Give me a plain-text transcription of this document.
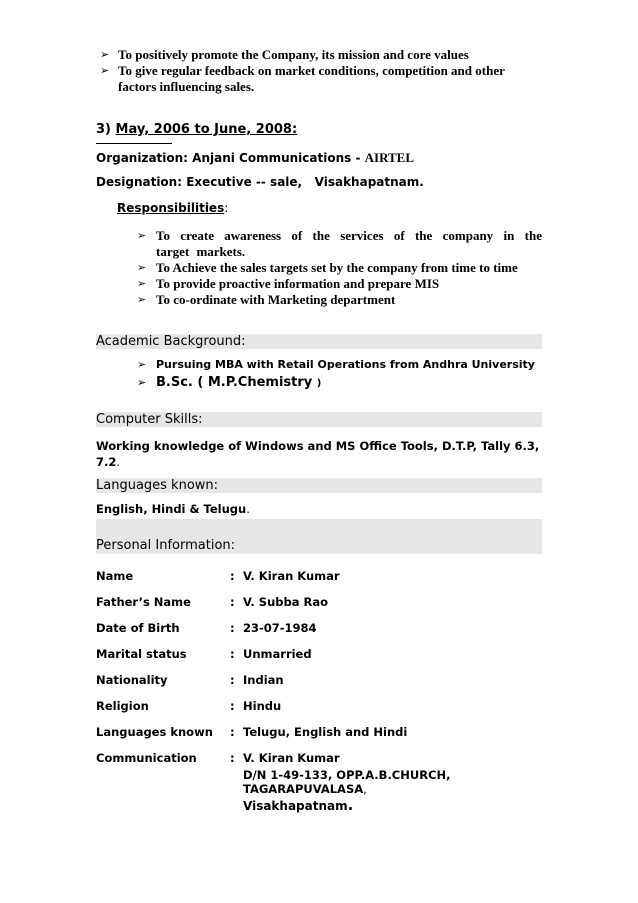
➢ To positively promote the Company, its mission and core values
➢ To give regular feedback on market conditions, competition and other factors influencing sales.
3) May, 2006 to June, 2008:
Organization: Anjani Communications - AIRTEL
Designation: Executive -- sale,   Visakhapatnam.
Responsibilities:
➢ To create awareness of the services of the company in the target markets.
➢ To Achieve the sales targets set by the company from time to time
➢ To provide proactive information and prepare MIS
➢ To co-ordinate with Marketing department
Academic Background:
➢ Pursuing MBA with Retail Operations from Andhra University
➢ B.Sc. ( M.P.Chemistry )
Computer Skills:
Working knowledge of Windows and MS Office Tools, D.T.P, Tally 6.3, 7.2.
Languages known:
English, Hindi & Telugu.
Personal Information:
Name	: V. Kiran Kumar
Father’s Name	: V. Subba Rao
Date of Birth	: 23-07-1984
Marital status	: Unmarried
Nationality	: Indian
Religion	: Hindu
Languages known : Telugu, English and Hindi
Communication	: V. Kiran Kumar
D/N 1-49-133, OPP.A.B.CHURCH,
TAGARAPUVALASA,
Visakhapatnam.
